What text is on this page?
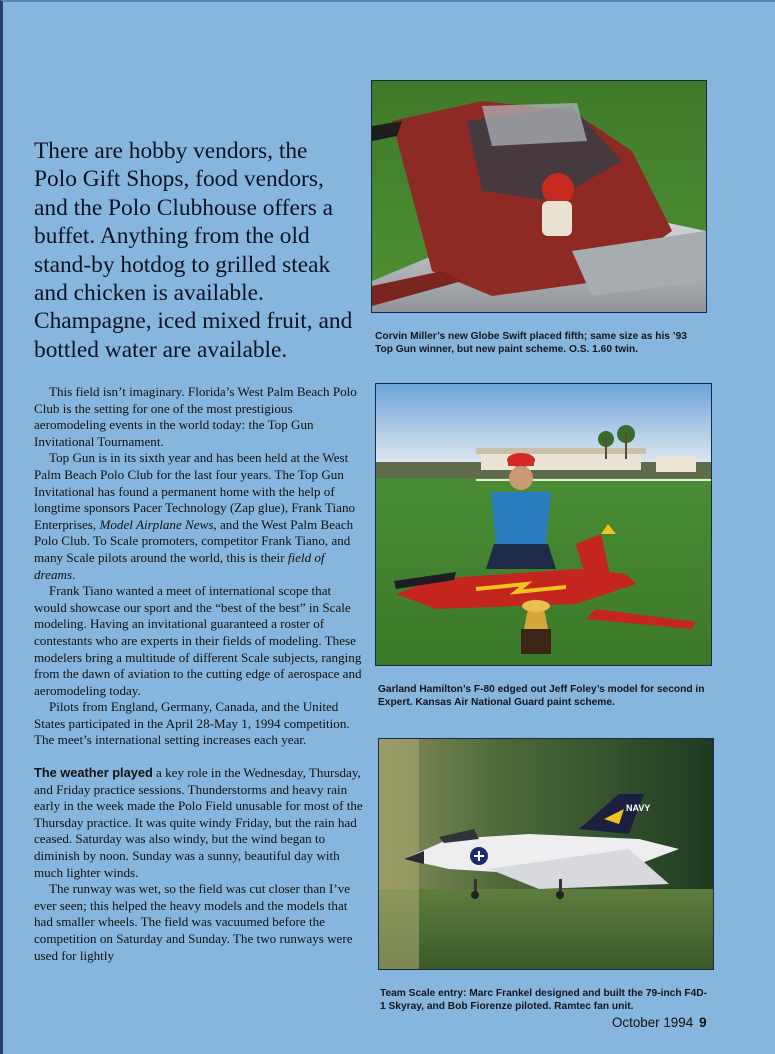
There are hobby vendors, the Polo Gift Shops, food vendors, and the Polo Clubhouse offers a buffet. Anything from the old stand-by hotdog to grilled steak and chicken is available. Champagne, iced mixed fruit, and bottled water are available.

This field isn’t imaginary. Florida’s West Palm Beach Polo Club is the setting for one of the most prestigious aeromodeling events in the world today: the Top Gun Invitational Tournament.

Top Gun is in its sixth year and has been held at the West Palm Beach Polo Club for the last four years. The Top Gun Invitational has found a permanent home with the help of longtime sponsors Pacer Technology (Zap glue), Frank Tiano Enterprises, Model Airplane News, and the West Palm Beach Polo Club. To Scale promoters, competitor Frank Tiano, and many Scale pilots around the world, this is their field of dreams.

Frank Tiano wanted a meet of international scope that would showcase our sport and the “best of the best” in Scale modeling. Having an invitational guaranteed a roster of contestants who are experts in their fields of modeling. These modelers bring a multitude of different Scale subjects, ranging from the dawn of aviation to the cutting edge of aerospace and aeromodeling today.

Pilots from England, Germany, Canada, and the United States participated in the April 28-May 1, 1994 competition. The meet’s international setting increases each year.

The weather played a key role in the Wednesday, Thursday, and Friday practice sessions. Thunderstorms and heavy rain early in the week made the Polo Field unusable for most of the Thursday practice. It was quite windy Friday, but the rain had ceased. Saturday was also windy, but the wind began to diminish by noon. Sunday was a sunny, beautiful day with much lighter winds.

The runway was wet, so the field was cut closer than I’ve ever seen; this helped the heavy models and the models that had smaller wheels. The field was vacuumed before the competition on Saturday and Sunday. The two runways were used for lightly

Corvin Miller’s new Globe Swift placed fifth; same size as his ’93 Top Gun winner, but new paint scheme. O.S. 1.60 twin.

Garland Hamilton’s F-80 edged out Jeff Foley’s model for second in Expert. Kansas Air National Guard paint scheme.

NAVY

Team Scale entry: Marc Frankel designed and built the 79-inch F4D-1 Skyray, and Bob Fiorenze piloted. Ramtec fan unit.

October 1994 9
